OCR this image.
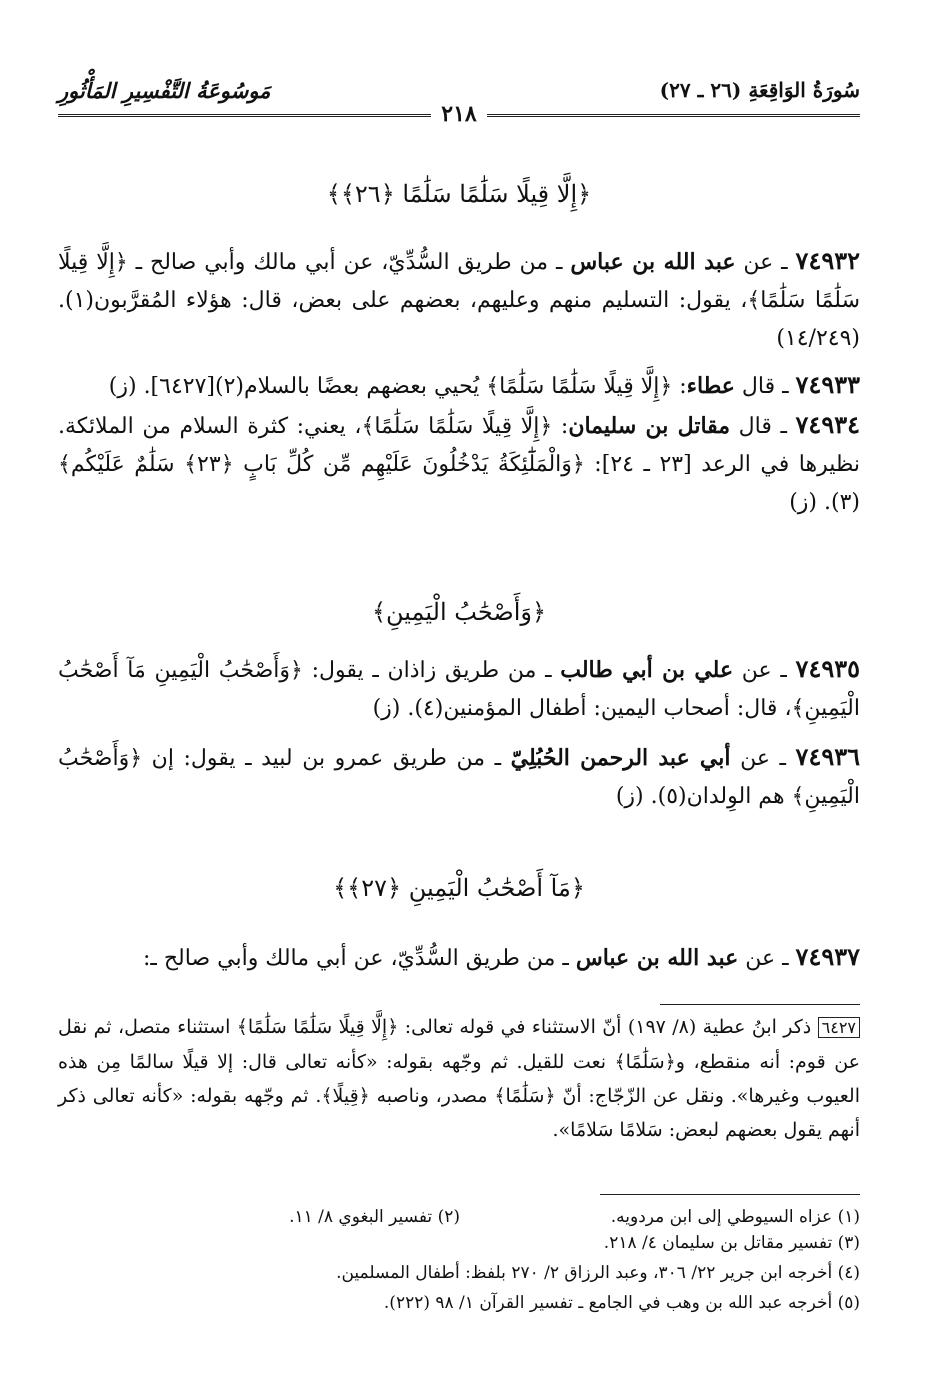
سُورَةُ الوَاقِعَةِ (٢٦ ـ ٢٧)
مَوسُوعَةُ التَّفْسِيرِ المَأْثُورِ
٢١٨
﴿إِلَّا قِيلًا سَلَٰمًا سَلَٰمًا ﴿٢٦﴾﴾
٧٤٩٣٢ ـ عن عبد الله بن عباس ـ من طريق السُّدِّيّ، عن أبي مالك وأبي صالح ـ ﴿إِلَّا قِيلًا سَلَٰمًا سَلَٰمًا﴾، يقول: التسليم منهم وعليهم، بعضهم على بعض، قال: هؤلاء المُقرَّبون(١). (١٤/٢٤٩)
٧٤٩٣٣ ـ قال عطاء: ﴿إِلَّا قِيلًا سَلَٰمًا سَلَٰمًا﴾ يُحيي بعضهم بعضًا بالسلام(٢)[٦٤٢٧]. (ز)
٧٤٩٣٤ ـ قال مقاتل بن سليمان: ﴿إِلَّا قِيلًا سَلَٰمًا سَلَٰمًا﴾، يعني: كثرة السلام من الملائكة. نظيرها في الرعد [٢٣ ـ ٢٤]: ﴿وَالْمَلَٰٓئِكَةُ يَدْخُلُونَ عَلَيْهِم مِّن كُلِّ بَابٍ ﴿٢٣﴾ سَلَٰمٌ عَلَيْكُم﴾(٣). (ز)
﴿وَأَصْحَٰبُ الْيَمِينِ﴾
٧٤٩٣٥ ـ عن علي بن أبي طالب ـ من طريق زاذان ـ يقول: ﴿وَأَصْحَٰبُ الْيَمِينِ مَآ أَصْحَٰبُ الْيَمِينِ﴾، قال: أصحاب اليمين: أطفال المؤمنين(٤). (ز)
٧٤٩٣٦ ـ عن أبي عبد الرحمن الحُبُلِيّ ـ من طريق عمرو بن لبيد ـ يقول: إن ﴿وَأَصْحَٰبُ الْيَمِينِ﴾ هم الوِلدان(٥). (ز)
﴿مَآ أَصْحَٰبُ الْيَمِينِ ﴿٢٧﴾﴾
٧٤٩٣٧ ـ عن عبد الله بن عباس ـ من طريق السُّدِّيّ، عن أبي مالك وأبي صالح ـ:
٦٤٢٧ ذكر ابنُ عطية (٨/ ١٩٧) أنّ الاستثناء في قوله تعالى: ﴿إِلَّا قِيلًا سَلَٰمًا سَلَٰمًا﴾ استثناء متصل، ثم نقل عن قوم: أنه منقطع، و﴿سَلَٰمًا﴾ نعت للقيل. ثم وجّهه بقوله: «كأنه تعالى قال: إلا قيلًا سالمًا مِن هذه العيوب وغيرها». ونقل عن الزّجّاج: أنّ ﴿سَلَٰمًا﴾ مصدر، وناصبه ﴿قِيلًا﴾. ثم وجّهه بقوله: «كأنه تعالى ذكر أنهم يقول بعضهم لبعض: سَلامًا سَلامًا».
(١) عزاه السيوطي إلى ابن مردويه.
(٢) تفسير البغوي ٨/ ١١.
(٣) تفسير مقاتل بن سليمان ٤/ ٢١٨.
(٤) أخرجه ابن جرير ٢٢/ ٣٠٦، وعبد الرزاق ٢/ ٢٧٠ بلفظ: أطفال المسلمين.
(٥) أخرجه عبد الله بن وهب في الجامع ـ تفسير القرآن ١/ ٩٨ (٢٢٢).
